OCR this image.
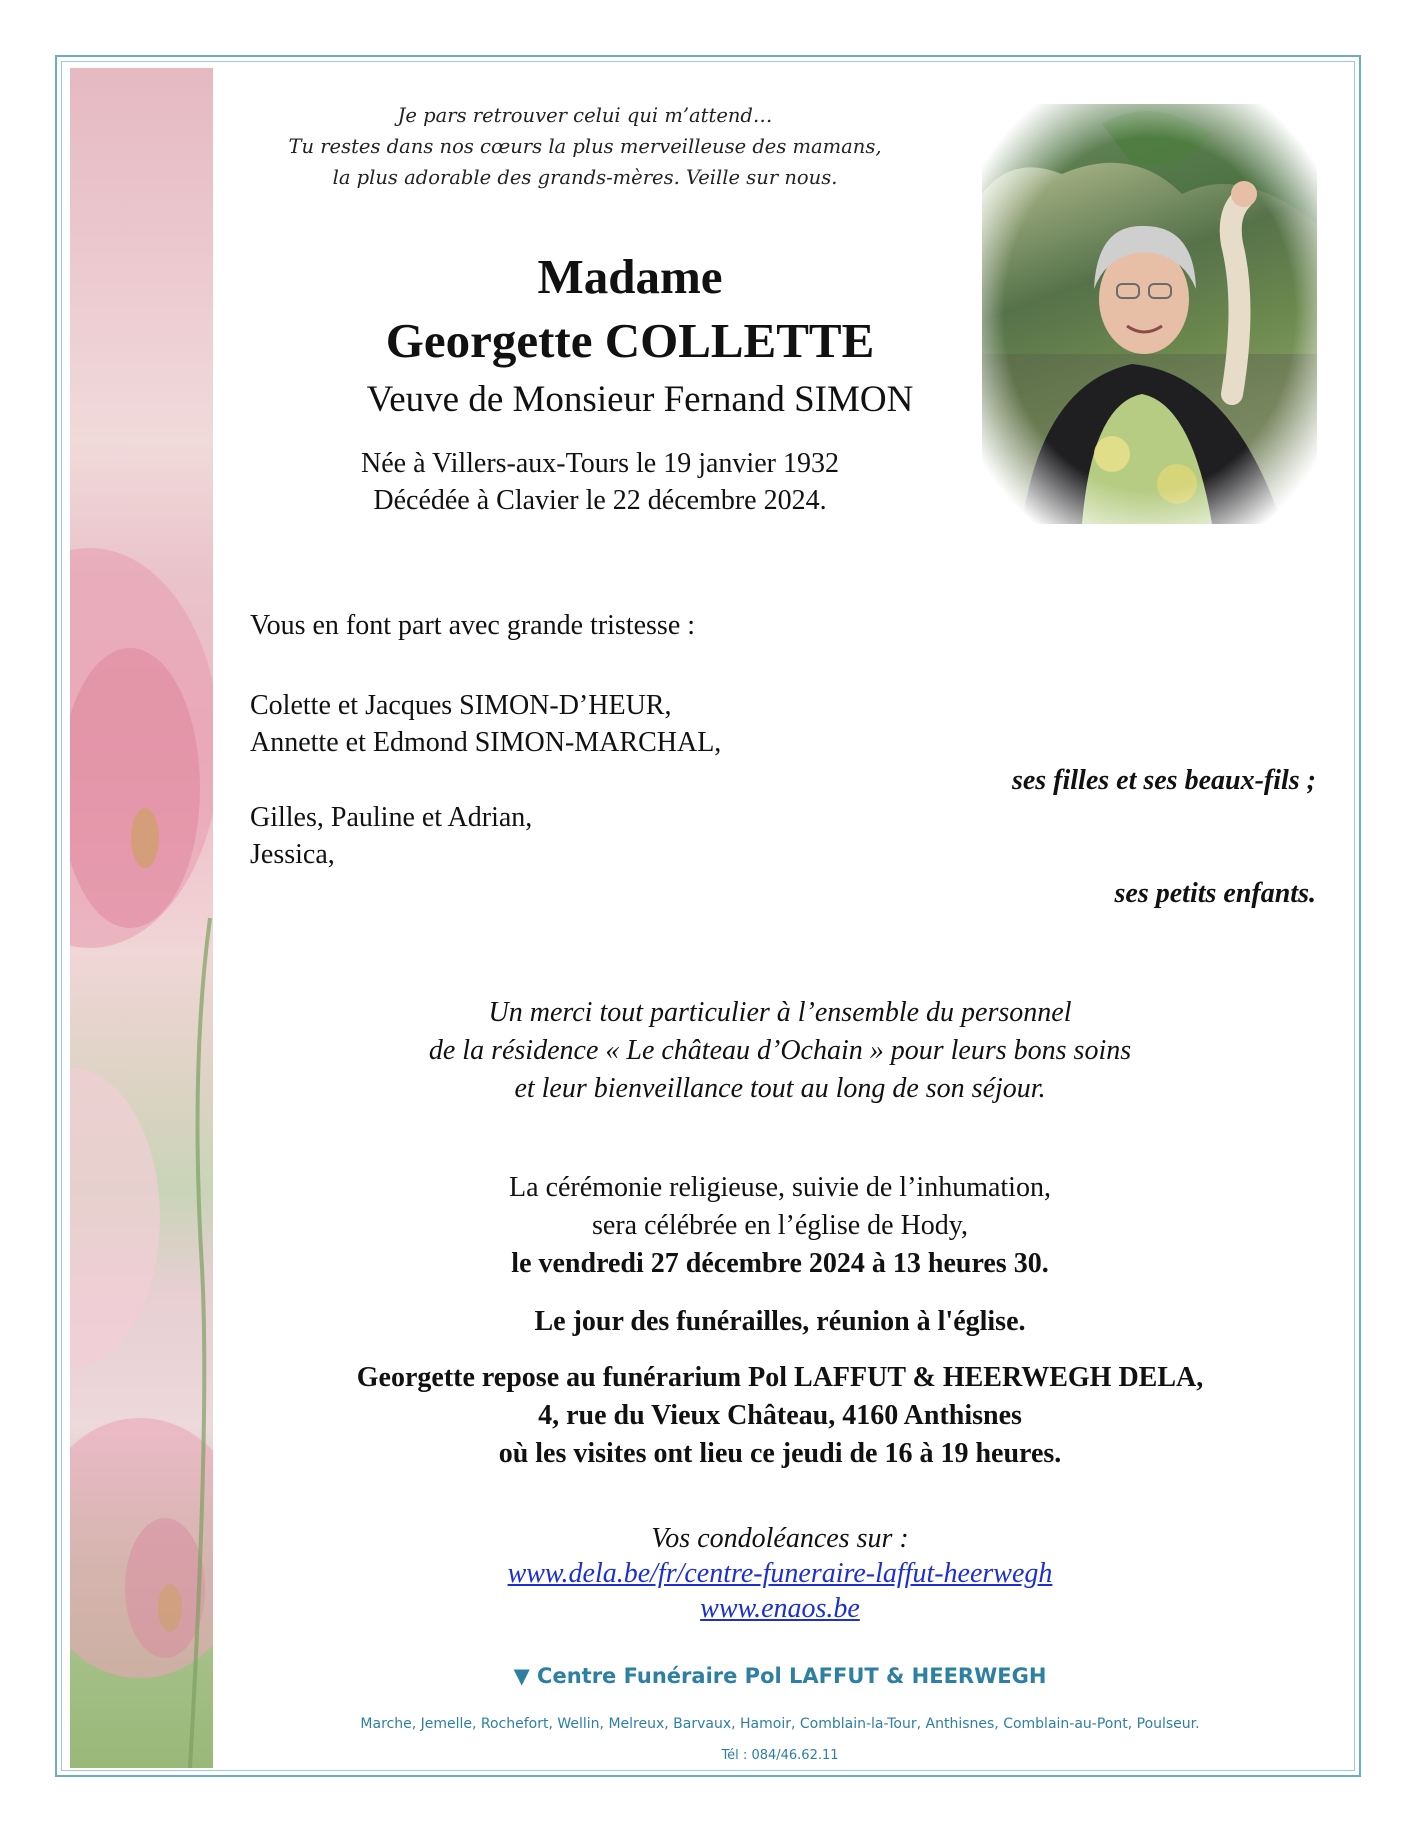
Je pars retrouver celui qui m’attend…
Tu restes dans nos cœurs la plus merveilleuse des mamans,
la plus adorable des grands-mères. Veille sur nous.
Madame
Georgette COLLETTE
Veuve de Monsieur Fernand SIMON
Née à Villers-aux-Tours le 19 janvier 1932
Décédée à Clavier le 22 décembre 2024.
Vous en font part avec grande tristesse :
Colette et Jacques SIMON-D’HEUR,
Annette et Edmond SIMON-MARCHAL,
ses filles et ses beaux-fils ;
Gilles, Pauline et Adrian,
Jessica,
ses petits enfants.
Un merci tout particulier à l’ensemble du personnel
de la résidence « Le château d’Ochain » pour leurs bons soins
et leur bienveillance tout au long de son séjour.
La cérémonie religieuse, suivie de l’inhumation,
sera célébrée en l’église de Hody,
le vendredi 27 décembre 2024 à 13 heures 30.
Le jour des funérailles, réunion à l'église.
Georgette repose au funérarium Pol LAFFUT & HEERWEGH DELA,
4, rue du Vieux Château, 4160 Anthisnes
où les visites ont lieu ce jeudi de 16 à 19 heures.
Vos condoléances sur :
www.dela.be/fr/centre-funeraire-laffut-heerwegh
www.enaos.be
▼ Centre Funéraire Pol LAFFUT & HEERWEGH
Marche, Jemelle, Rochefort, Wellin, Melreux, Barvaux, Hamoir, Comblain-la-Tour, Anthisnes, Comblain-au-Pont, Poulseur.
Tél : 084/46.62.11
